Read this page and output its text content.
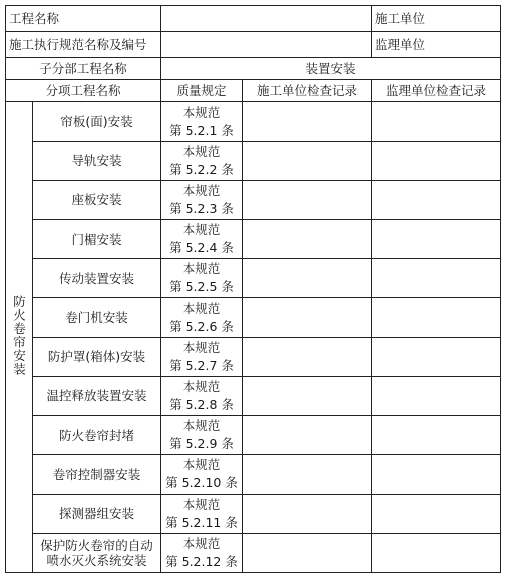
工程名称				施工单位
施工执行规范名称及编号				监理单位
子分部工程名称		装置安装		
分项工程名称		质量规定	施工单位检查记录	监理单位检查记录
防火卷帘安装	帘板(面)安装	本规范
第 5.2.1 条		

	导轨安装	本规范
第 5.2.2 条		

	座板安装	本规范
第 5.2.3 条		

	门楣安装	本规范
第 5.2.4 条		

	传动装置安装	本规范
第 5.2.5 条		

	卷门机安装	本规范
第 5.2.6 条		

	防护罩(箱体)安装	本规范
第 5.2.7 条		

	温控释放装置安装	本规范
第 5.2.8 条		

	防火卷帘封堵	本规范
第 5.2.9 条		

	卷帘控制器安装	本规范
第 5.2.10 条		

	探测器组安装	本规范
第 5.2.11 条		

	保护防火卷帘的自动喷水灭火系统安装	本规范
第 5.2.12 条		
